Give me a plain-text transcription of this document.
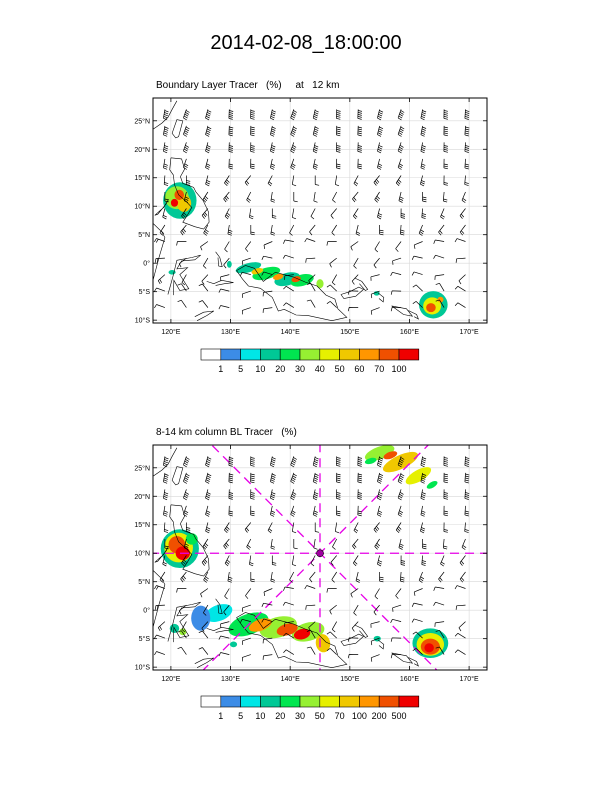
2014-02-08_18:00:00

Boundary Layer Tracer   (%)     at   12 km

25°N
20°N
15°N
10°N
5°N
0°
5°S
10°S
120°E	130°E	140°E	150°E	160°E	170°E
1 5 10 20 30 40 50 60 70 100

8-14 km column BL Tracer   (%)

25°N
20°N
15°N
10°N
5°N
0°
5°S
10°S
120°E	130°E	140°E	150°E	160°E	170°E
1 5 10 20 30 50 70 100 200 500
